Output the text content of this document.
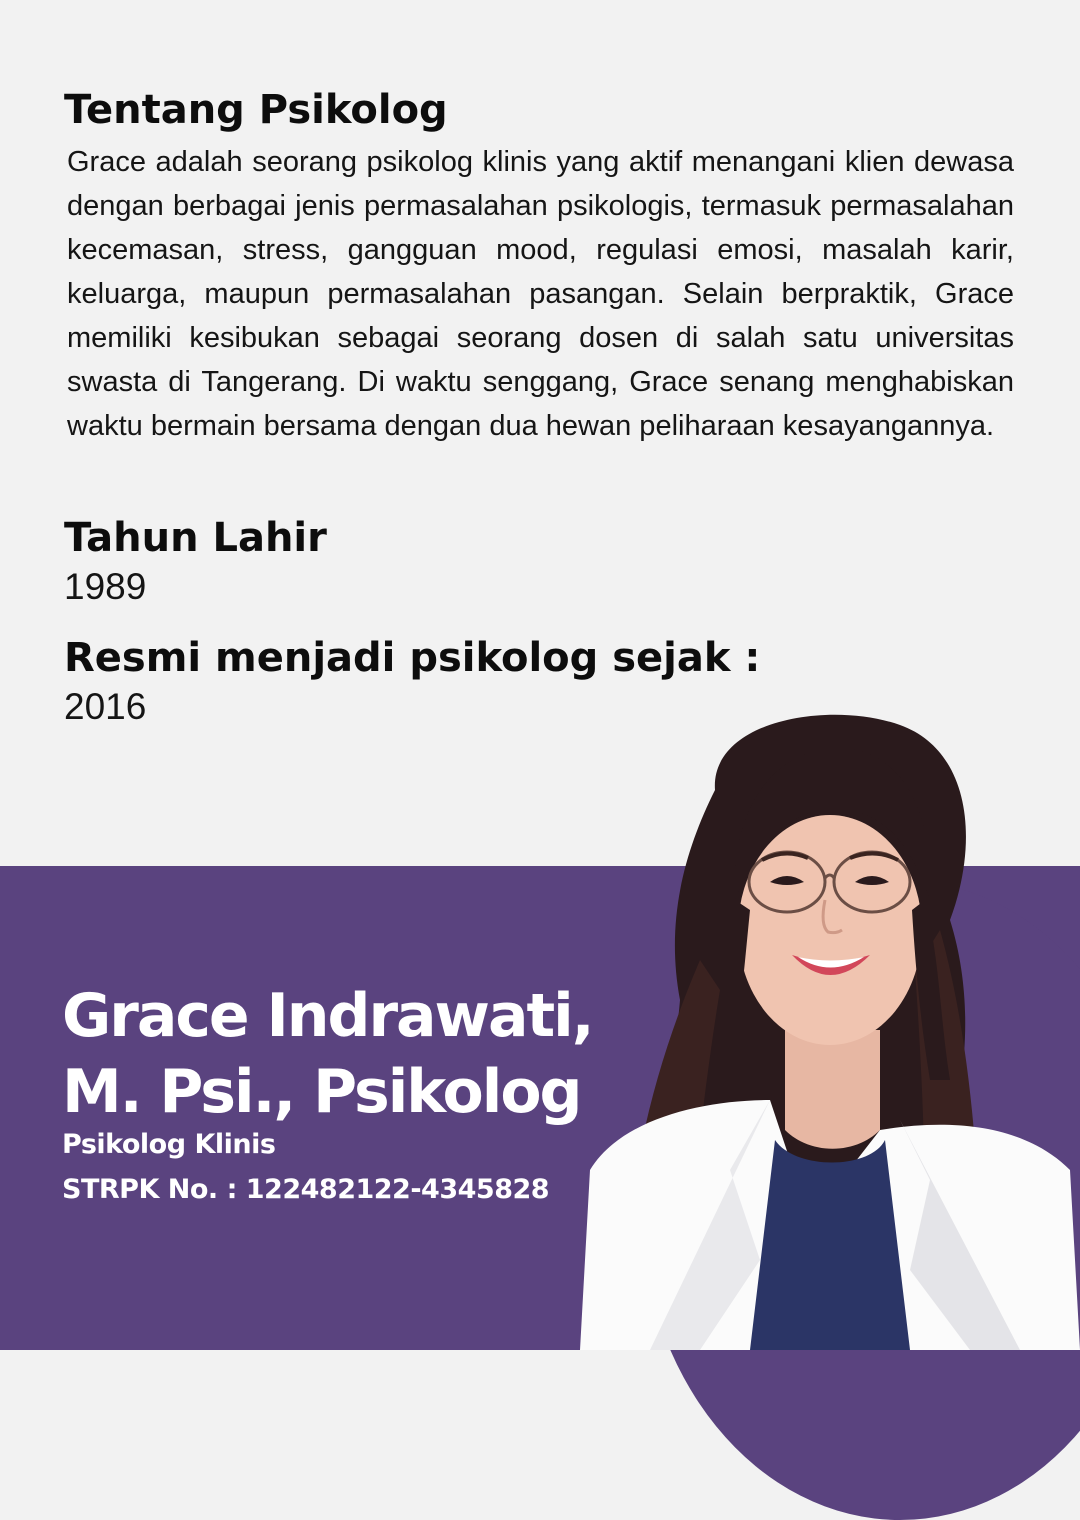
Tentang Psikolog

Grace adalah seorang psikolog klinis yang aktif menangani klien dewasa dengan berbagai jenis permasalahan psikologis, termasuk permasalahan kecemasan, stress, gangguan mood, regulasi emosi, masalah karir, keluarga, maupun permasalahan pasangan. Selain berpraktik, Grace memiliki kesibukan sebagai seorang dosen di salah satu universitas swasta di Tangerang. Di waktu senggang, Grace senang menghabiskan waktu bermain bersama dengan dua hewan peliharaan kesayangannya.

Tahun Lahir
1989
Resmi menjadi psikolog sejak :
2016
Grace Indrawati,
M. Psi., Psikolog
Psikolog Klinis
STRPK No. : 122482122-4345828
